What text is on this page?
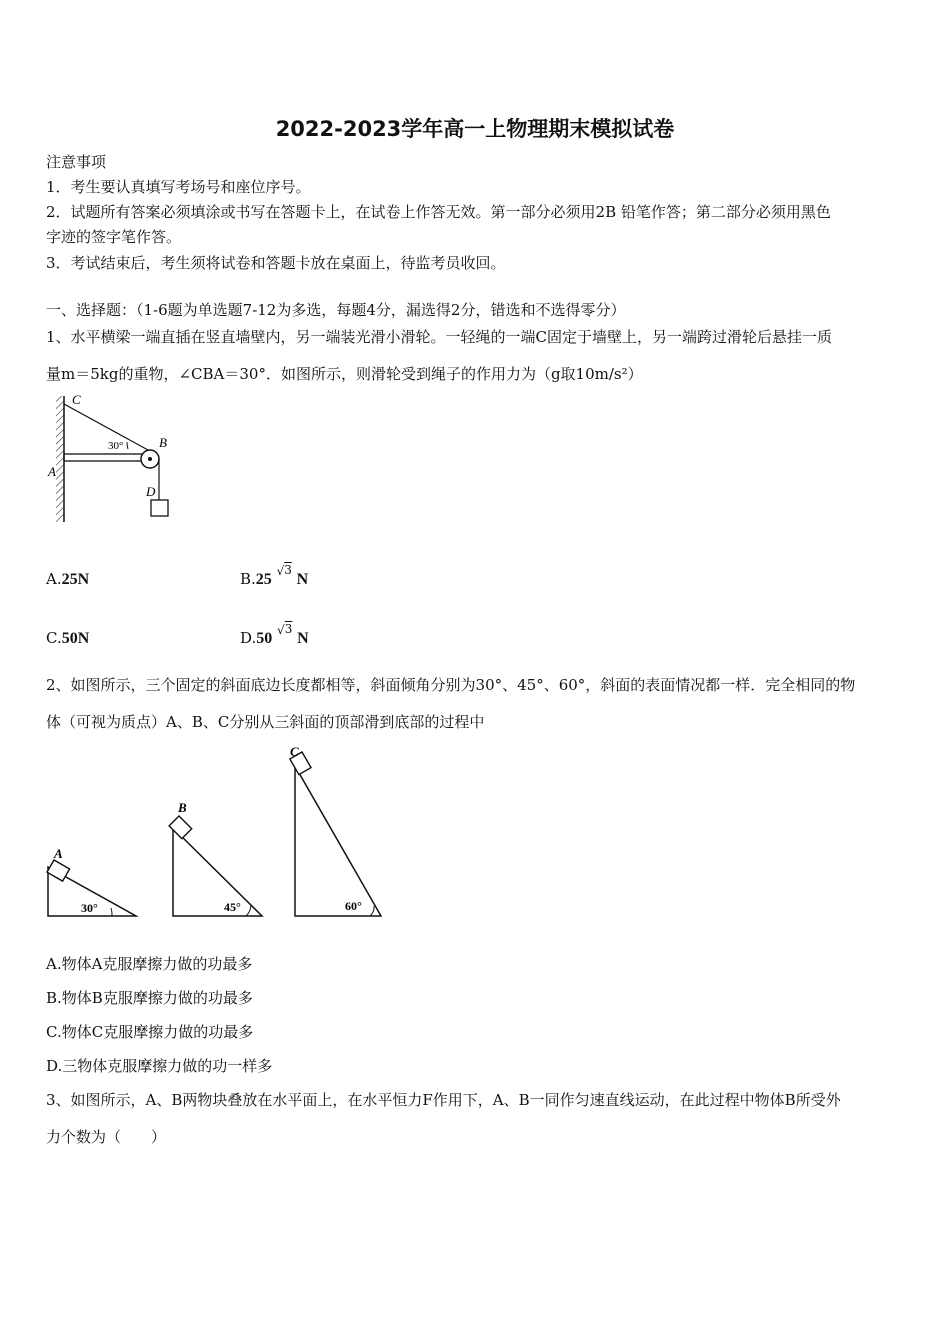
2022-2023学年高一上物理期末模拟试卷
注意事项
1．考生要认真填写考场号和座位序号。
2．试题所有答案必须填涂或书写在答题卡上，在试卷上作答无效。第一部分必须用2B 铅笔作答；第二部分必须用黑色
字迹的签字笔作答。
3．考试结束后，考生须将试卷和答题卡放在桌面上，待监考员收回。
一、选择题：（1-6题为单选题7-12为多选，每题4分，漏选得2分，错选和不选得零分）
1、水平横梁一端直插在竖直墙壁内，另一端装光滑小滑轮。一轻绳的一端C固定于墙壁上，另一端跨过滑轮后悬挂一质
量m＝5kg的重物，∠CBA＝30°．如图所示，则滑轮受到绳子的作用力为（g取10m/s²）
C
B
A
D
30°
A.25N	B.25 $^{√3}$ N
C.50N	D.50 $^{√3}$ N
2、如图所示，三个固定的斜面底边长度都相等，斜面倾角分别为30°、45°、60°，斜面的表面情况都一样．完全相同的物
体（可视为质点）A、B、C分别从三斜面的顶部滑到底部的过程中
A
30°
B
45°
C
60°
A.物体A克服摩擦力做的功最多
B.物体B克服摩擦力做的功最多
C.物体C克服摩擦力做的功最多
D.三物体克服摩擦力做的功一样多
3、如图所示，A、B两物块叠放在水平面上，在水平恒力F作用下，A、B一同作匀速直线运动，在此过程中物体B所受外
力个数为（　　）
